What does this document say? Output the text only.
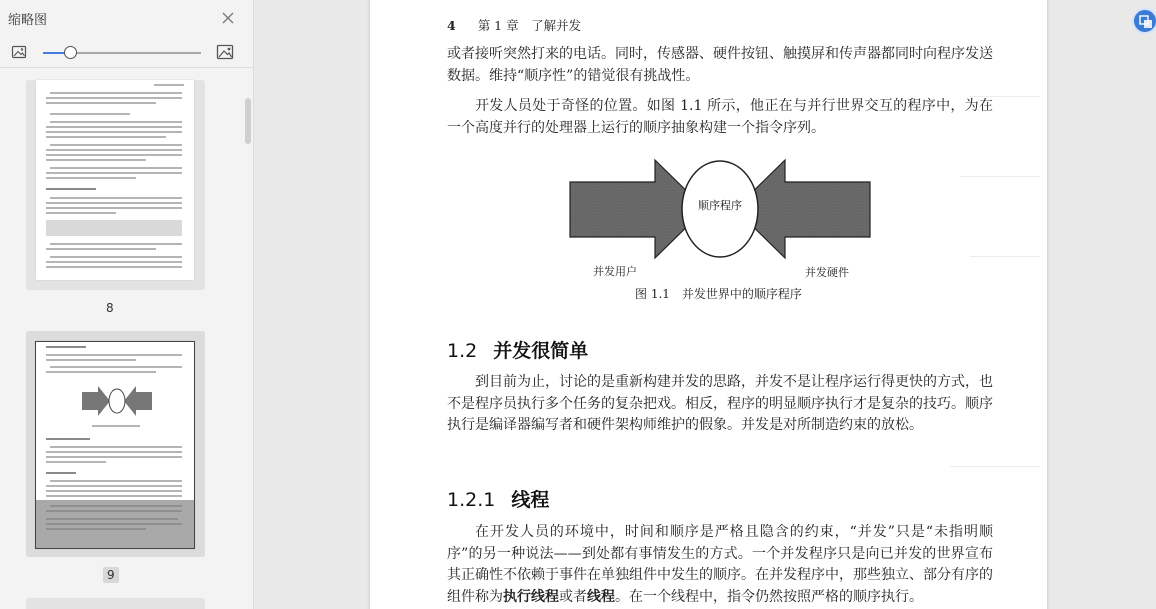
缩略图
8
9
4 第 1 章　了解并发
或者接听突然打来的电话。同时，传感器、硬件按钮、触摸屏和传声器都同时向程序发送数据。维持“顺序性”的错觉很有挑战性。
开发人员处于奇怪的位置。如图 1.1 所示，他正在与并行世界交互的程序中，为在一个高度并行的处理器上运行的顺序抽象构建一个指令序列。
顺序程序
并发用户	并发硬件
图 1.1　并发世界中的顺序程序
1.2 并发很简单
到目前为止，讨论的是重新构建并发的思路，并发不是让程序运行得更快的方式，也不是程序员执行多个任务的复杂把戏。相反，程序的明显顺序执行才是复杂的技巧。顺序执行是编译器编写者和硬件架构师维护的假象。并发是对所制造约束的放松。
1.2.1 线程
在开发人员的环境中，时间和顺序是严格且隐含的约束，“并发”只是“未指明顺序”的另一种说法——到处都有事情发生的方式。一个并发程序只是向已并发的世界宣布其正确性不依赖于事件在单独组件中发生的顺序。在并发程序中，那些独立、部分有序的组件称为执行线程或者线程。在一个线程中，指令仍然按照严格的顺序执行。
